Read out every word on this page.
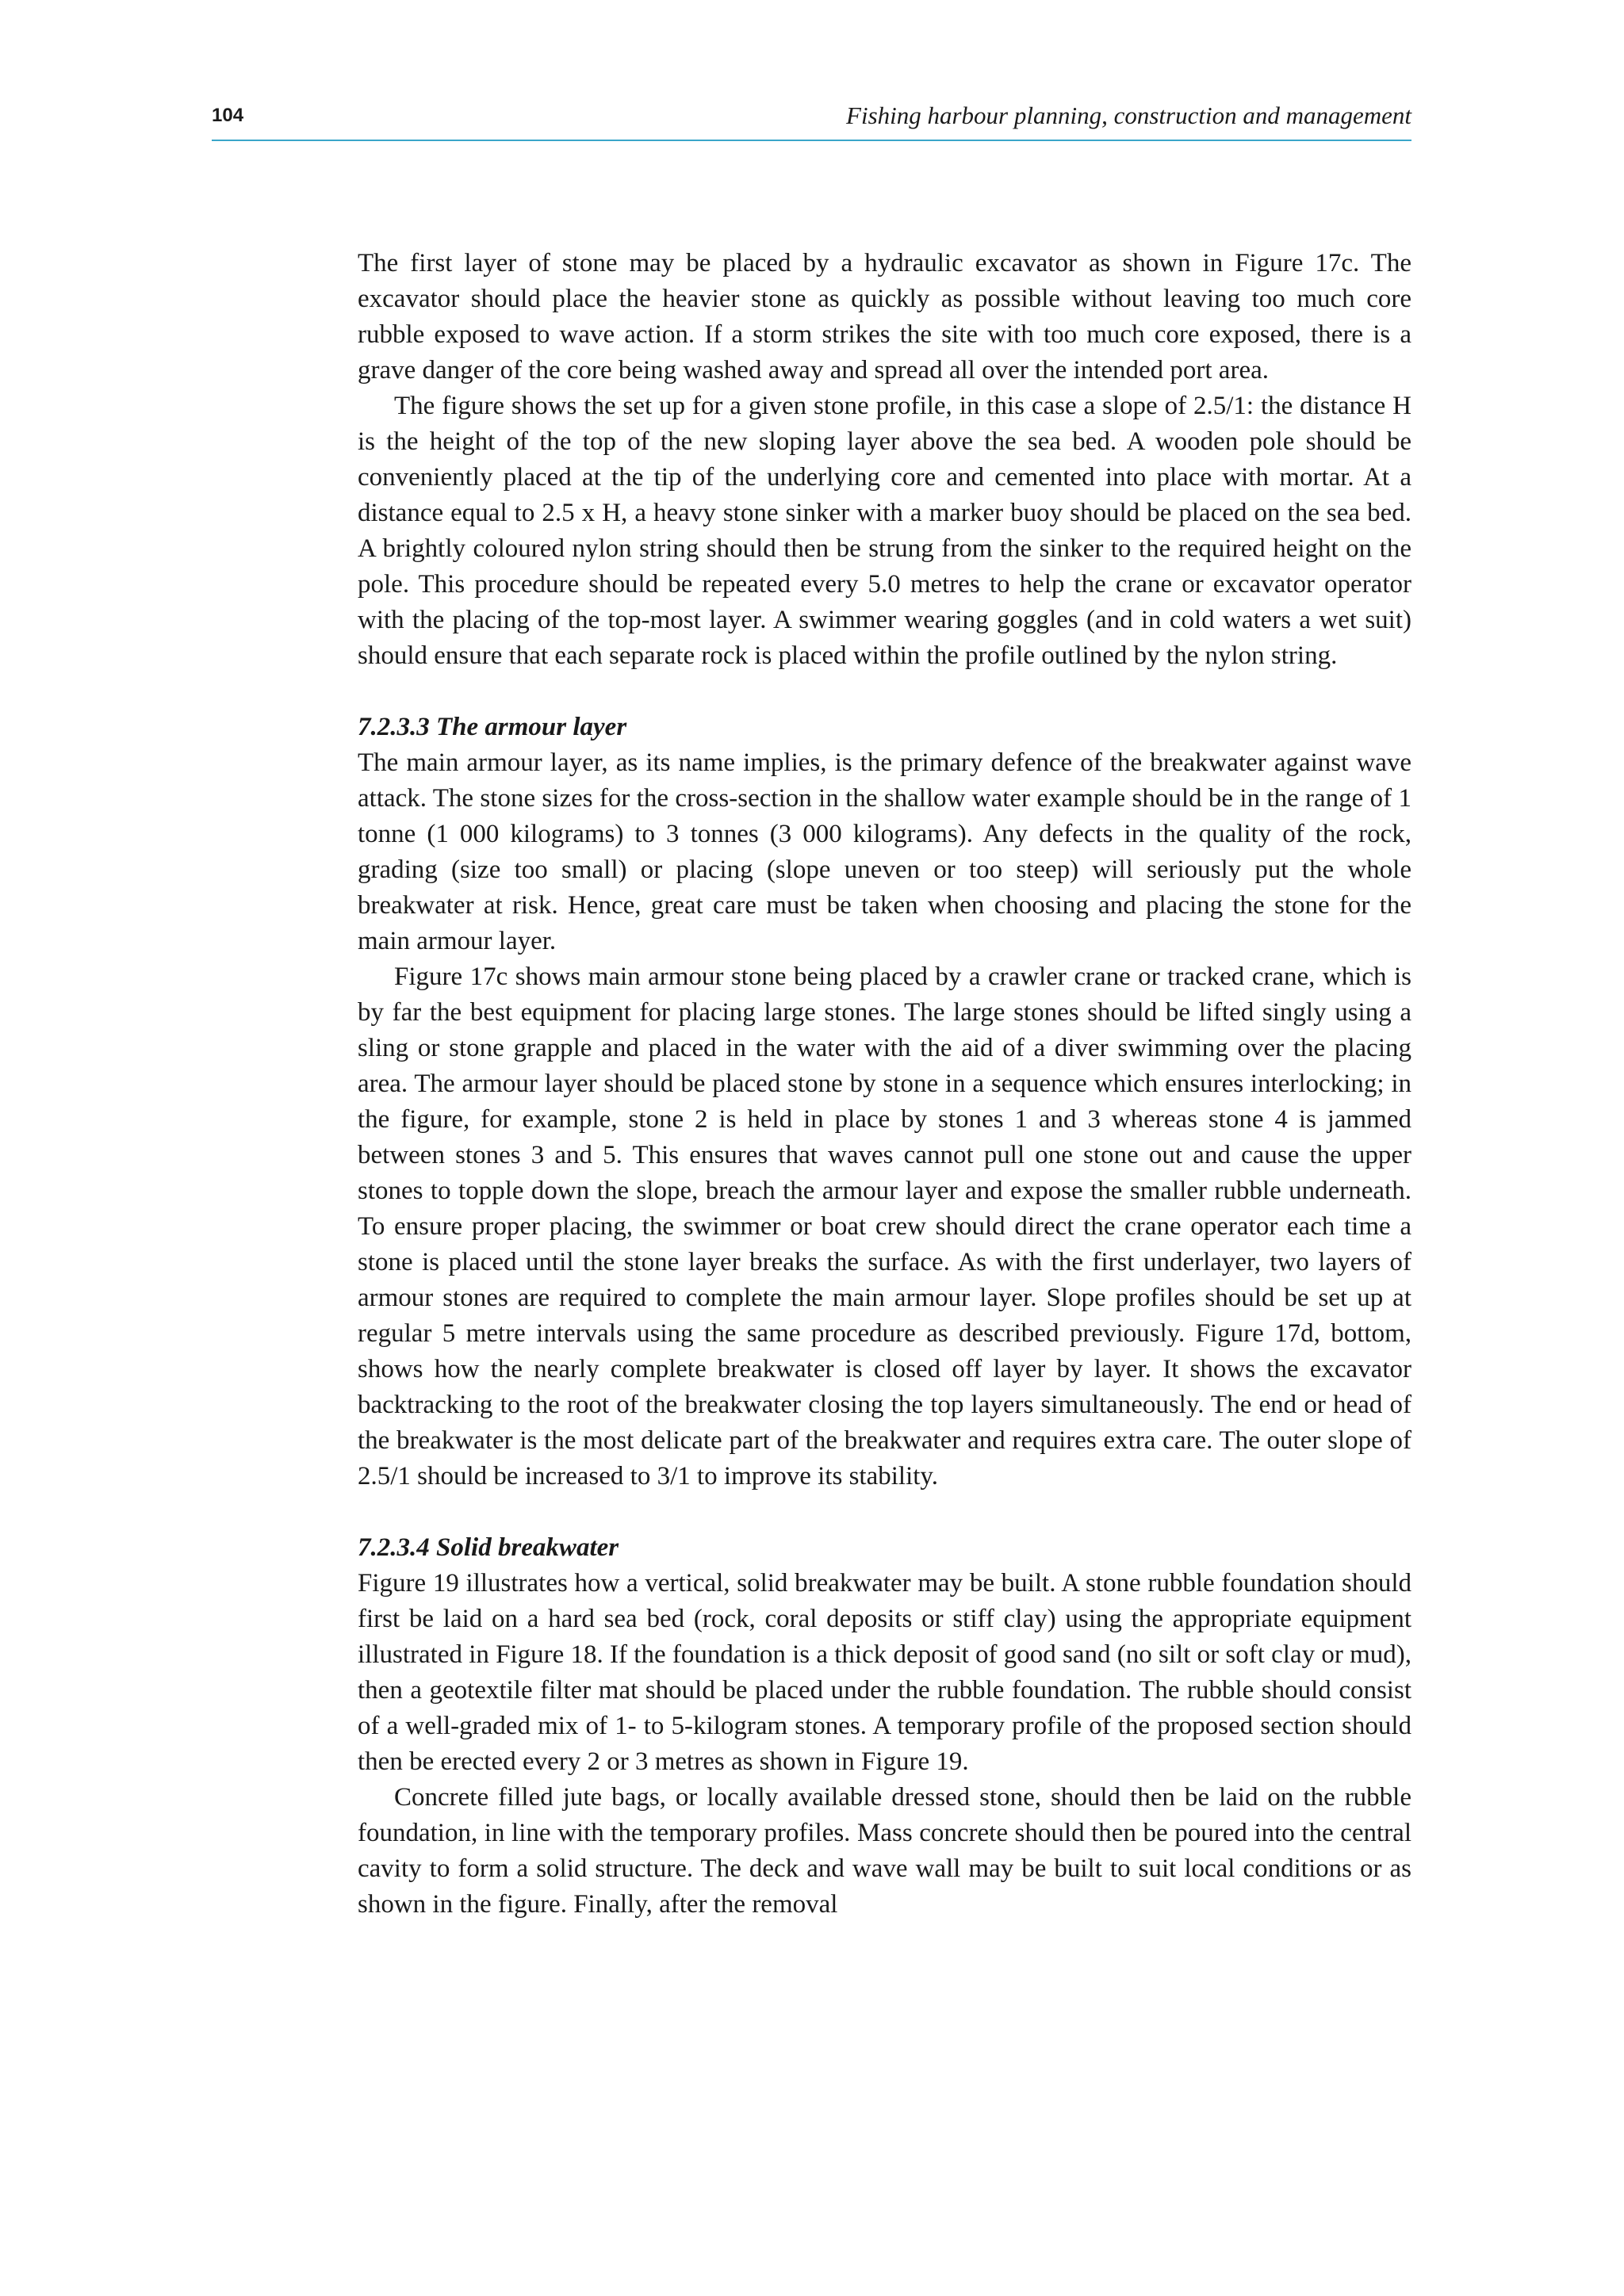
104	Fishing harbour planning, construction and management

The first layer of stone may be placed by a hydraulic excavator as shown in Figure 17c. The excavator should place the heavier stone as quickly as possible without leaving too much core rubble exposed to wave action. If a storm strikes the site with too much core exposed, there is a grave danger of the core being washed away and spread all over the intended port area.

The figure shows the set up for a given stone profile, in this case a slope of 2.5/1: the distance H is the height of the top of the new sloping layer above the sea bed. A wooden pole should be conveniently placed at the tip of the underlying core and cemented into place with mortar. At a distance equal to 2.5 x H, a heavy stone sinker with a marker buoy should be placed on the sea bed. A brightly coloured nylon string should then be strung from the sinker to the required height on the pole. This procedure should be repeated every 5.0 metres to help the crane or excavator operator with the placing of the top-most layer. A swimmer wearing goggles (and in cold waters a wet suit) should ensure that each separate rock is placed within the profile outlined by the nylon string.

7.2.3.3 The armour layer

The main armour layer, as its name implies, is the primary defence of the breakwater against wave attack. The stone sizes for the cross-section in the shallow water example should be in the range of 1 tonne (1 000 kilograms) to 3 tonnes (3 000 kilograms). Any defects in the quality of the rock, grading (size too small) or placing (slope uneven or too steep) will seriously put the whole breakwater at risk. Hence, great care must be taken when choosing and placing the stone for the main armour layer.

Figure 17c shows main armour stone being placed by a crawler crane or tracked crane, which is by far the best equipment for placing large stones. The large stones should be lifted singly using a sling or stone grapple and placed in the water with the aid of a diver swimming over the placing area. The armour layer should be placed stone by stone in a sequence which ensures interlocking; in the figure, for example, stone 2 is held in place by stones 1 and 3 whereas stone 4 is jammed between stones 3 and 5. This ensures that waves cannot pull one stone out and cause the upper stones to topple down the slope, breach the armour layer and expose the smaller rubble underneath. To ensure proper placing, the swimmer or boat crew should direct the crane operator each time a stone is placed until the stone layer breaks the surface. As with the first underlayer, two layers of armour stones are required to complete the main armour layer. Slope profiles should be set up at regular 5 metre intervals using the same procedure as described previously. Figure 17d, bottom, shows how the nearly complete breakwater is closed off layer by layer. It shows the excavator backtracking to the root of the breakwater closing the top layers simultaneously. The end or head of the breakwater is the most delicate part of the breakwater and requires extra care. The outer slope of 2.5/1 should be increased to 3/1 to improve its stability.

7.2.3.4 Solid breakwater

Figure 19 illustrates how a vertical, solid breakwater may be built. A stone rubble foundation should first be laid on a hard sea bed (rock, coral deposits or stiff clay) using the appropriate equipment illustrated in Figure 18. If the foundation is a thick deposit of good sand (no silt or soft clay or mud), then a geotextile filter mat should be placed under the rubble foundation. The rubble should consist of a well-graded mix of 1- to 5-kilogram stones. A temporary profile of the proposed section should then be erected every 2 or 3 metres as shown in Figure 19.

Concrete filled jute bags, or locally available dressed stone, should then be laid on the rubble foundation, in line with the temporary profiles. Mass concrete should then be poured into the central cavity to form a solid structure. The deck and wave wall may be built to suit local conditions or as shown in the figure. Finally, after the removal
